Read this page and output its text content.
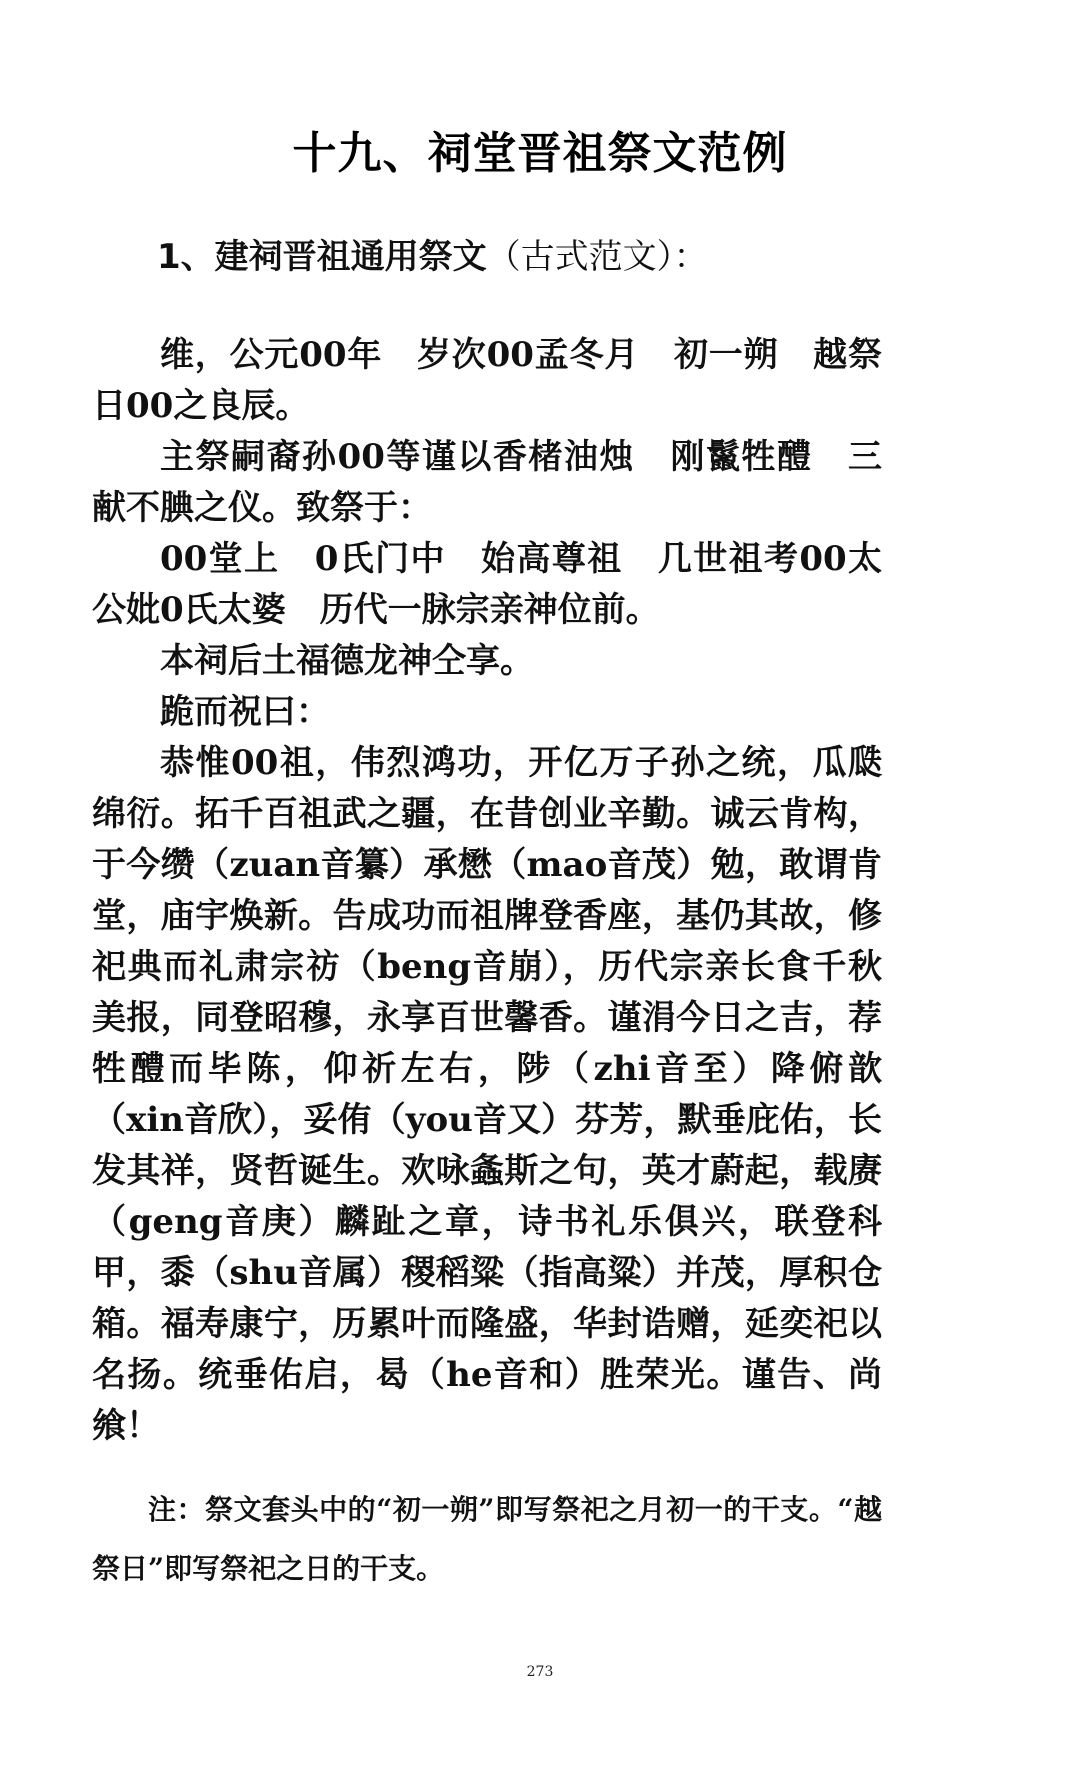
十九、祠堂晋祖祭文范例
1、建祠晋祖通用祭文（古式范文）：

维，公元00年　岁次00孟冬月　初一朔　越祭日00之良辰。

主祭嗣裔孙00等谨以香楮油烛　刚鬣牲醴　三献不腆之仪。致祭于：

00堂上　0氏门中　始高尊祖　几世祖考00太公妣0氏太婆　历代一脉宗亲神位前。

本祠后土福德龙神仝享。

跪而祝曰：

恭惟00祖，伟烈鸿功，开亿万子孙之统，瓜瓞绵衍。拓千百祖武之疆，在昔创业辛勤。诚云肯构，于今缵（zuan音纂）承懋（mao音茂）勉，敢谓肯堂，庙宇焕新。告成功而祖牌登香座，基仍其故，修祀典而礼肃宗祊（beng音崩），历代宗亲长食千秋美报，同登昭穆，永享百世馨香。谨涓今日之吉，荐牲醴而毕陈，仰祈左右，陟（zhi音至）降俯歆（xin音欣），妥侑（you音又）芬芳，默垂庇佑，长发其祥，贤哲诞生。欢咏螽斯之句，英才蔚起，载赓（geng音庚）麟趾之章，诗书礼乐俱兴，联登科甲，黍（shu音属）稷稻粱（指高粱）并茂，厚积仓箱。福寿康宁，历累叶而隆盛，华封诰赠，延奕祀以名扬。统垂佑启，曷（he音和）胜荣光。谨告、尚飨！

注：祭文套头中的“初一朔”即写祭祀之月初一的干支。“越祭日”即写祭祀之日的干支。

273
